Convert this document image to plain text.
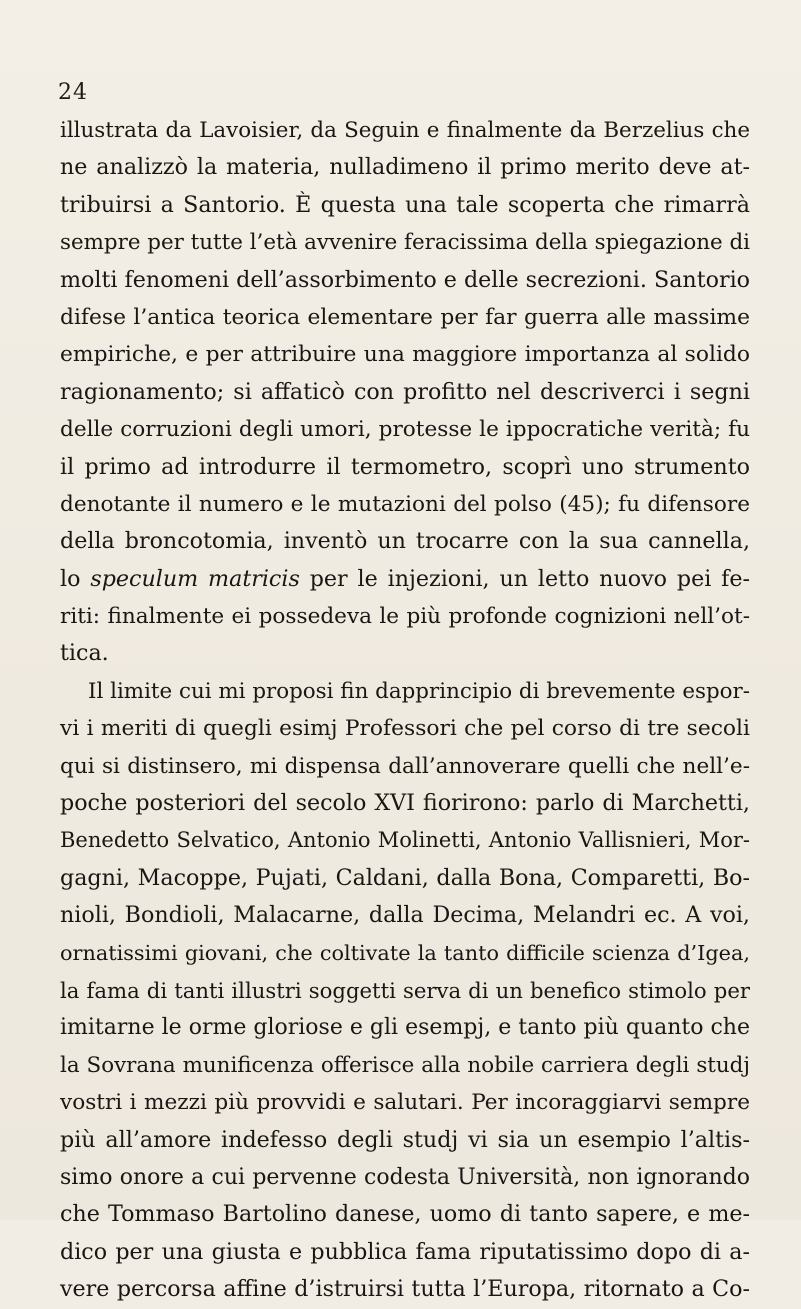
24
illustrata da Lavoisier, da Seguin e finalmente da Berzelius che
ne analizzò la materia, nulladimeno il primo merito deve at-
tribuirsi a Santorio. È questa una tale scoperta che rimarrà
sempre per tutte l’età avvenire feracissima della spiegazione di
molti fenomeni dell’assorbimento e delle secrezioni. Santorio
difese l’antica teorica elementare per far guerra alle massime
empiriche, e per attribuire una maggiore importanza al solido
ragionamento; si affaticò con profitto nel descriverci i segni
delle corruzioni degli umori, protesse le ippocratiche verità; fu
il primo ad introdurre il termometro, scoprì uno strumento
denotante il numero e le mutazioni del polso (45); fu difensore
della broncotomia, inventò un trocarre con la sua cannella,
lo speculum matricis per le injezioni, un letto nuovo pei fe-
riti: finalmente ei possedeva le più profonde cognizioni nell’ot-
tica.
Il limite cui mi proposi fin dapprincipio di brevemente espor-
vi i meriti di quegli esimj Professori che pel corso di tre secoli
qui si distinsero, mi dispensa dall’annoverare quelli che nell’e-
poche posteriori del secolo XVI fiorirono: parlo di Marchetti,
Benedetto Selvatico, Antonio Molinetti, Antonio Vallisnieri, Mor-
gagni, Macoppe, Pujati, Caldani, dalla Bona, Comparetti, Bo-
nioli, Bondioli, Malacarne, dalla Decima, Melandri ec. A voi,
ornatissimi giovani, che coltivate la tanto difficile scienza d’Igea,
la fama di tanti illustri soggetti serva di un benefico stimolo per
imitarne le orme gloriose e gli esempj, e tanto più quanto che
la Sovrana munificenza offerisce alla nobile carriera degli studj
vostri i mezzi più provvidi e salutari. Per incoraggiarvi sempre
più all’amore indefesso degli studj vi sia un esempio l’altis-
simo onore a cui pervenne codesta Università, non ignorando
che Tommaso Bartolino danese, uomo di tanto sapere, e me-
dico per una giusta e pubblica fama riputatissimo dopo di a-
vere percorsa affine d’istruirsi tutta l’Europa, ritornato a Co-
